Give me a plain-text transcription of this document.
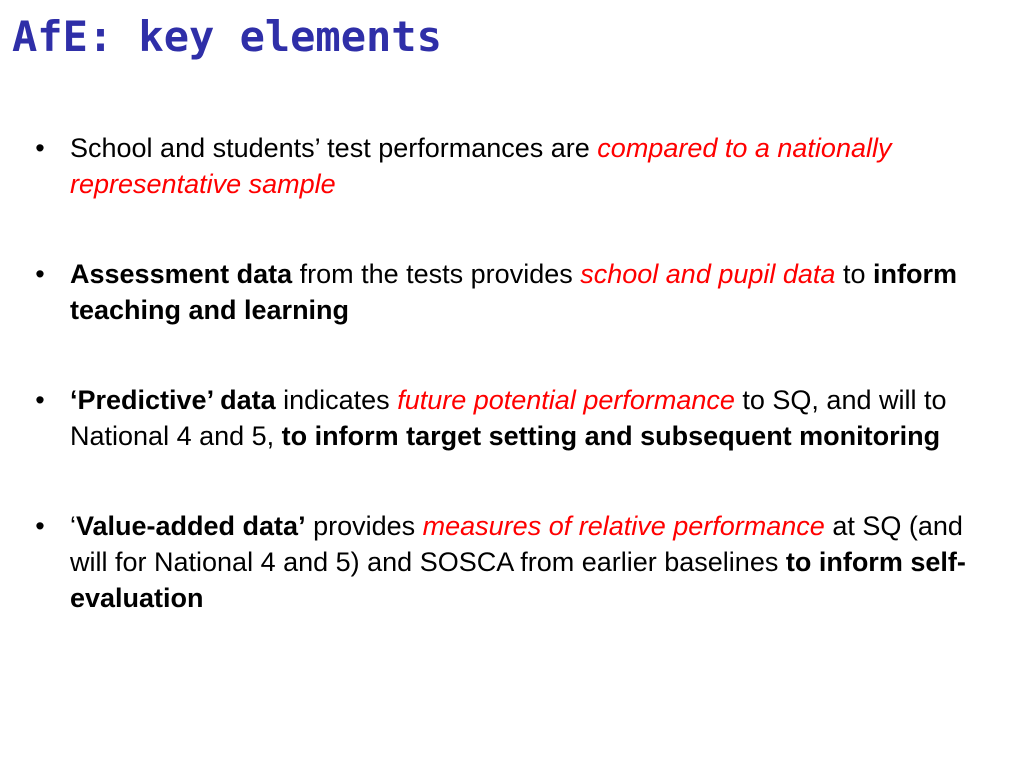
AfE: key elements
• School and students’ test performances are compared to a nationally representative sample
• Assessment data from the tests provides school and pupil data to inform teaching and learning
• ‘Predictive’ data indicates future potential performance to SQ, and will to National 4 and 5, to inform target setting and subsequent monitoring
• ‘Value-added data’ provides measures of relative performance at SQ (and will for National 4 and 5) and SOSCA from earlier baselines to inform self-evaluation
